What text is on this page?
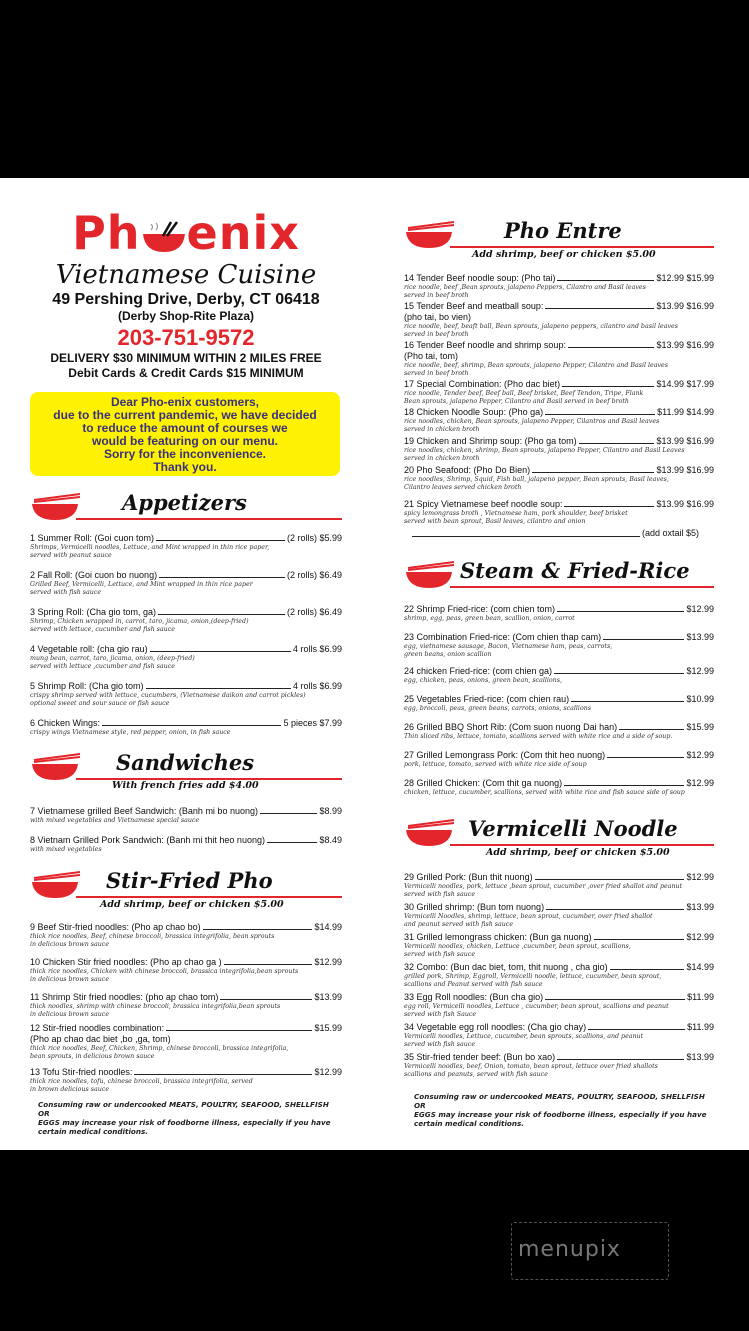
Ph enix
Vietnamese Cuisine
49 Pershing Drive, Derby, CT 06418
(Derby Shop-Rite Plaza)
203-751-9572
DELIVERY $30 MINIMUM WITHIN 2 MILES FREE
Debit Cards & Credit Cards $15 MINIMUM
Dear Pho-enix customers,
due to the current pandemic, we have decided
to reduce the amount of courses we
would be featuring on our menu.
Sorry for the inconvenience.
Thank you.
Appetizers
1 Summer Roll: (Goi cuon tom)	(2 rolls) $5.99
Shrimps, Vermicelli noodles, Lettuce, and Mint wrapped in thin rice paper,
served with peanut sauce
2 Fall Roll: (Goi cuon bo nuong)	(2 rolls) $6.49
Grilled Beef, Vermicelli, Lettuce, and Mint wrapped in thin rice paper
served with fish sauce
3 Spring Roll: (Cha gio tom, ga)	(2 rolls) $6.49
Shrimp, Chicken wrapped in, carrot, taro, jicama, onion,(deep-fried)
served with lettuce, cucumber and fish sauce
4 Vegetable roll: (cha gio rau)	4 rolls $6.99
mung bean, carrot, taro, jicama, onion, (deep-fried)
served with lettuce ,cucumber and fish sauce
5 Shrimp Roll: (Cha gio tom)	4 rolls $6.99
crispy shrimp served with lettuce, cucumbers, (Vietnamese daikon and carrot pickles)
optional sweet and sour sauce or fish sauce
6 Chicken Wings:	5 pieces $7.99
crispy wings Vietnamese style, red pepper, onion, in fish sauce
Sandwiches
With french fries add $4.00
7 Vietnamese grilled Beef Sandwich: (Banh mi bo nuong)	$8.99
with mixed vegetables and Vietnamese special sauce
8 Vietnam Grilled Pork Sandwich: (Banh mi thit heo nuong)	$8.49
with mixed vegetables
Stir-Fried Pho
Add shrimp, beef or chicken $5.00
9 Beef Stir-fried noodles: (Pho ap chao bo)	$14.99
thick rice noodles, Beef, chinese broccoli, brassica integrifolia, bean sprouts
in delicious brown sauce
10 Chicken Stir fried noodles: (Pho ap chao ga )	$12.99
thick rice noodles, Chicken with chinese broccoli, brassica integrifolia,bean sprouts
in delicious brown sauce
11 Shrimp Stir fried noodles: (pho ap chao tom)	$13.99
thick noodles, shrimp with chinese broccoli, brassica integrifolia,bean sprouts
in delicious brown sauce
12 Stir-fried noodles combination:	$15.99
(Pho ap chao dac biet ,bo ,ga, tom)
thick rice noodles, Beef, Chicken, Shrimp, chinese broccoli, brassica integrifolia,
bean sprouts, in delicious brown sauce
13 Tofu Stir-fried noodles:	$12.99
thick rice noodles, tofu, chinese broccoli, brassica integrifolia, served
in brown delicious sauce
Consuming raw or undercooked MEATS, POULTRY, SEAFOOD, SHELLFISH OR
EGGS may increase your risk of foodborne illness, especially if you have
certain medical conditions.
Pho Entre
Add shrimp, beef or chicken $5.00
14 Tender Beef noodle soup: (Pho tai)	$12.99 $15.99
rice noodle, beef ,Bean sprouts, jalapeno Peppers, Cilantro and Basil leaves
served in beef broth
15 Tender Beef and meatball soup:	$13.99 $16.99
(pho tai, bo vien)
rice noodle, beef, beaft ball, Bean sprouts, jalapeno peppers, cilantro and basil leaves
served in beef broth
16 Tender Beef noodle and shrimp soup:	$13.99 $16.99
(Pho tai, tom)
rice noodle, beef, shrimp, Bean sprouts, jalapeno Pepper, Cilantro and Basil leaves
served in beef broth
17 Special Combination: (Pho dac biet)	$14.99 $17.99
rice noodle, Tender beef, Beef ball, Beef brisket, Beef Tendon, Tripe, Flank
Bean sprouts, jalapeno Pepper, Cilantro and Basil served in beef broth
18 Chicken Noodle Soup: (Pho ga)	$11.99 $14.99
rice noodles, chicken, Bean sprouts, jalapeno Pepper, Cilantros and Basil leaves
served in chicken broth
19 Chicken and Shrimp soup: (Pho ga tom)	$13.99 $16.99
rice noodles, chicken, shrimp, Bean sprouts, jalapeno Pepper, Cilantro and Basil Leaves
served in chicken broth
20 Pho Seafood: (Pho Do Bien)	$13.99 $16.99
rice noodles, Shrimp, Squid, Fish ball, jalapeno pepper, Bean sprouts, Basil leaves,
Cilantro leaves served chicken broth
21 Spicy Vietnamese beef noodle soup:	$13.99 $16.99
spicy lemongrass broth , Vietnamese ham, pork shoulder, beef brisket
served with bean sprout, Basil leaves, cilantro and onion
(add oxtail $5)
Steam & Fried-Rice
22 Shrimp Fried-rice: (com chien tom)	$12.99
shrimp, egg, peas, green bean, scallion, onion, carrot
23 Combination Fried-rice: (Com chien thap cam)	$13.99
egg, vietnamese sausage, Bacon, Vietnamese ham, peas, carrots,
green beans, onion scallion
24 chicken Fried-rice: (com chien ga)	$12.99
egg, chicken, peas, onions, green bean, scallions,
25 Vegetables Fried-rice: (com chien rau)	$10.99
egg, broccoli, peas, green beans, carrots, onions, scallions
26 Grilled BBQ Short Rib: (Com suon nuong Dai han)	$15.99
Thin sliced ribs, lettuce, tomato, scallions served with white rice and a side of soup.
27 Grilled Lemongrass Pork: (Com thit heo nuong)	$12.99
pork, lettuce, tomato, served with white rice side of soup
28 Grilled Chicken: (Com thit ga nuong)	$12.99
chicken, lettuce, cucumber, scallions, served with white rice and fish sauce side of soup
Vermicelli Noodle
Add shrimp, beef or chicken $5.00
29 Grilled Pork: (Bun thit nuong)	$12.99
Vermicelli noodles, pork, lettuce ,bean sprout, cucumber ,over fried shallot and peanut
served with fish sauce
30 Grilled shrimp: (Bun tom nuong)	$13.99
Vermicelli Noodles, shrimp, lettuce, bean sprout, cucumber, over fried shallot
and peanut served with fish sauce
31 Grilled lemongrass chicken: (Bun ga nuong)	$12.99
Vermicelli noodles, chicken, Lettuce ,cucumber, bean sprout, scallions,
served with fish sauce
32 Combo: (Bun dac biet, tom, thit nuong , cha gio)	$14.99
grilled pork, Shrimp, Eggroll, Vermicelli noodle, lettuce, cucumber, bean sprout,
scallions and Peanut served with fish sauce
33 Egg Roll noodles: (Bun cha gio)	$11.99
egg roll, Vermicelli noodles, Lettuce , cucumber, bean sprout, scallions and peanut
served with fish Sauce
34 Vegetable egg roll noodles: (Cha gio chay)	$11.99
Vermicelli noodles, Lettuce, cucumber, bean sprouts, scallions, and peanut
served with fish sauce
35 Stir-fried tender beef: (Bun bo xao)	$13.99
Vermicelli noodles, beef, Onion, tomato, bean sprout, lettuce over fried shallots
scallions and peanuts, served with fish sauce
Consuming raw or undercooked MEATS, POULTRY, SEAFOOD, SHELLFISH OR
EGGS may increase your risk of foodborne illness, especially if you have
certain medical conditions.
menupix
